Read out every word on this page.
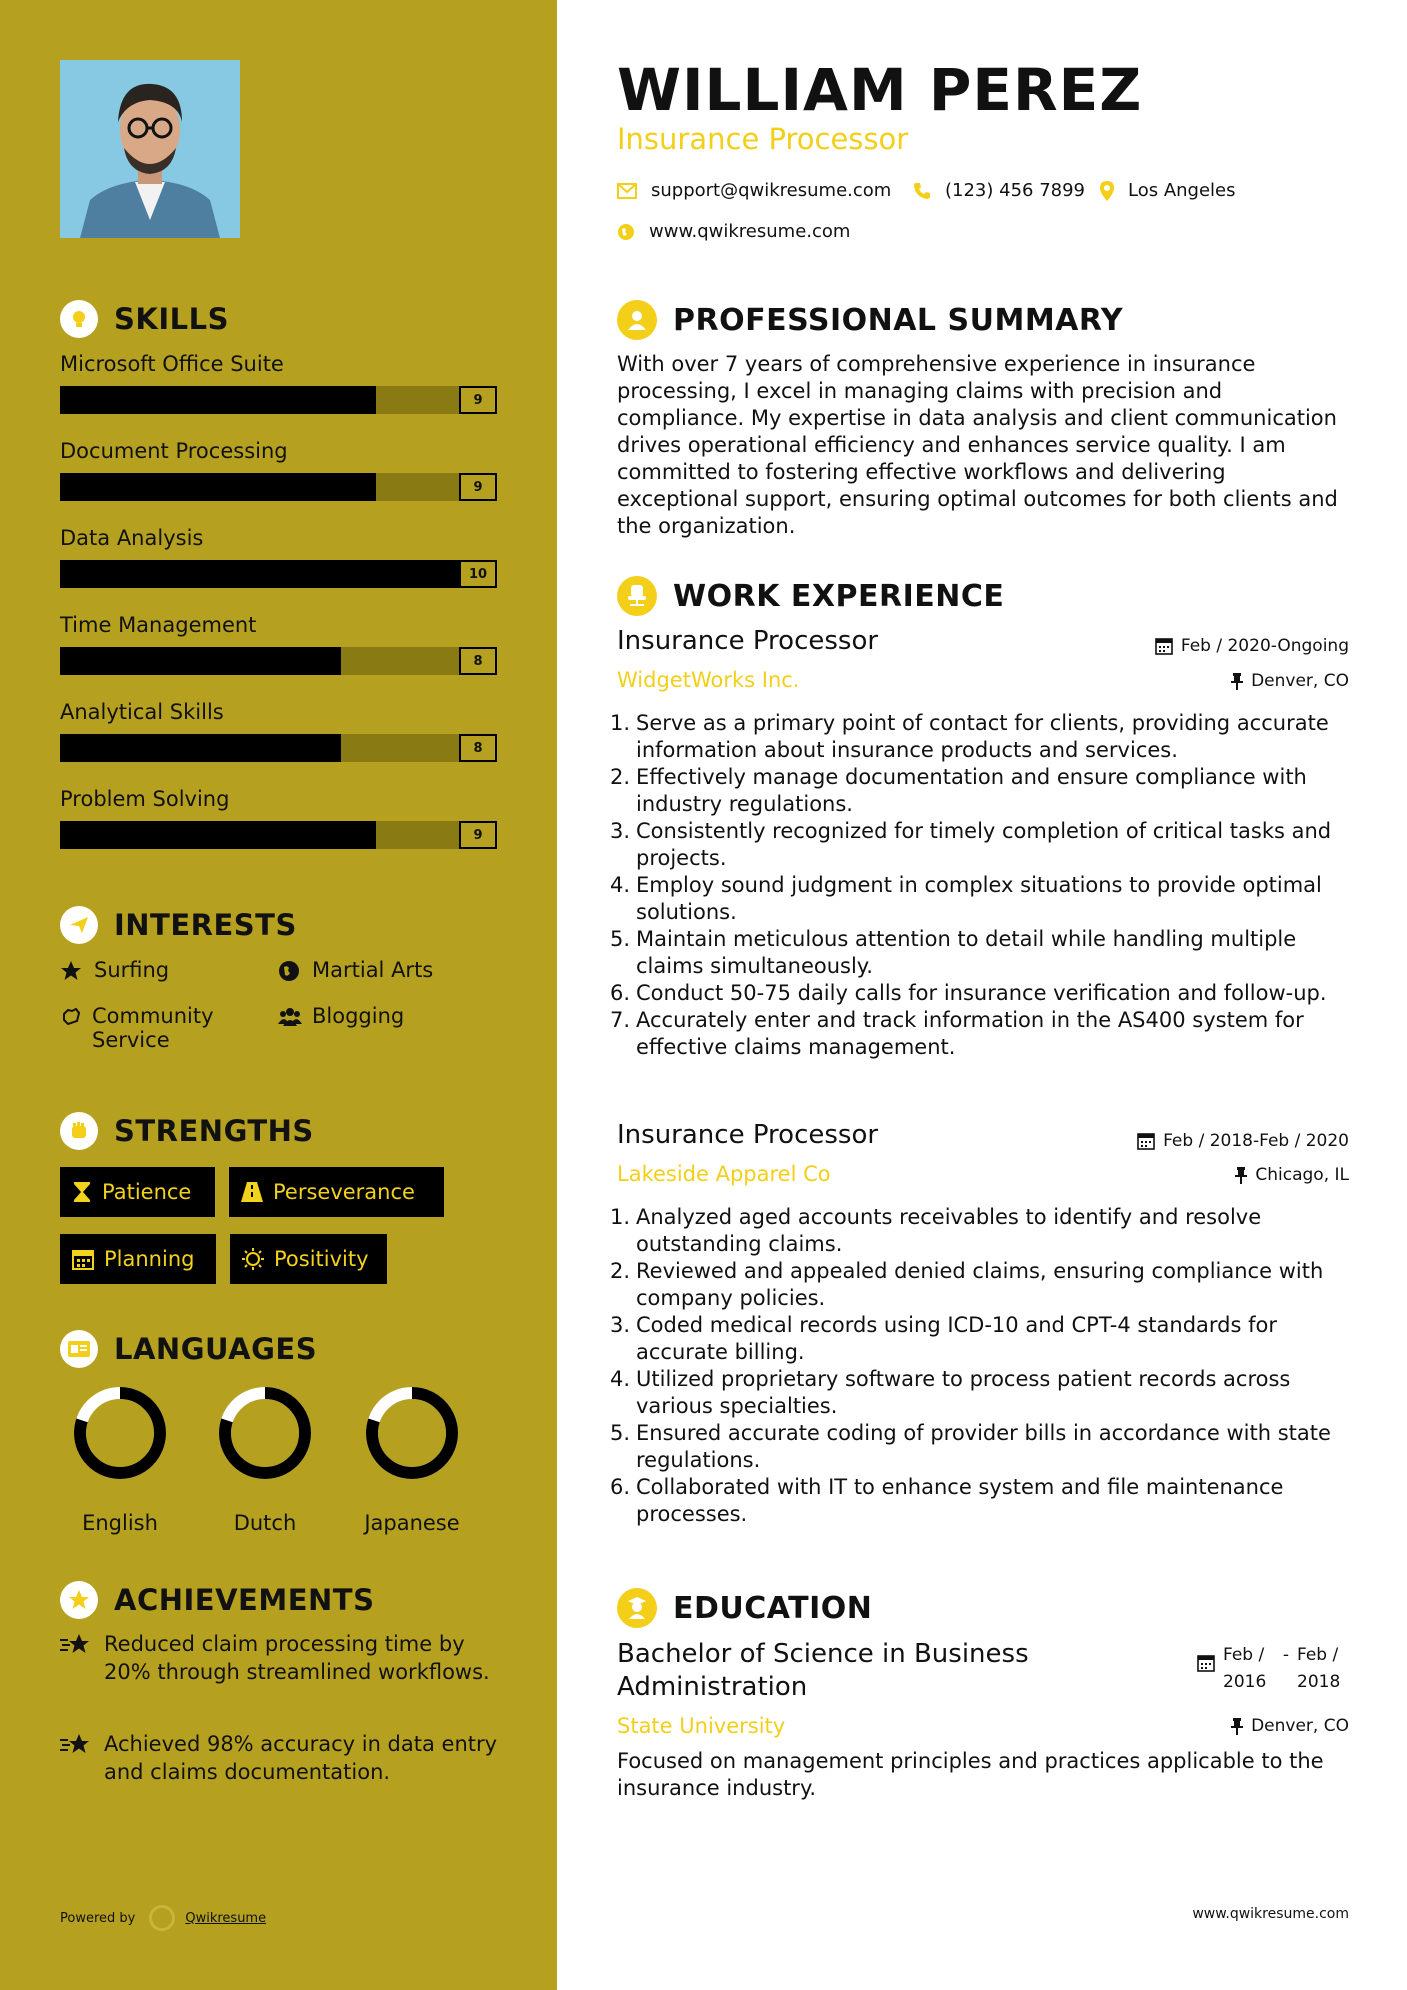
SKILLS
Microsoft Office Suite
9
Document Processing
9
Data Analysis
10
Time Management
8
Analytical Skills
8
Problem Solving
9
INTERESTS
Surfing	Martial Arts
Community Service
Blogging
STRENGTHS
Patience	Perseverance
Planning	Positivity
LANGUAGES
English	Dutch	Japanese
ACHIEVEMENTS
Reduced claim processing time by 20% through streamlined workflows.
Achieved 98% accuracy in data entry and claims documentation.
Powered by	Qwikresume
WILLIAM PEREZ
Insurance Processor
support@qwikresume.com	(123) 456 7899 Los Angeles
www.qwikresume.com
PROFESSIONAL SUMMARY
With over 7 years of comprehensive experience in insurance processing, I excel in managing claims with precision and compliance. My expertise in data analysis and client communication drives operational efficiency and enhances service quality. I am committed to fostering effective workflows and delivering exceptional support, ensuring optimal outcomes for both clients and the organization.
WORK EXPERIENCE
Insurance Processor	Feb / 2020-Ongoing
WidgetWorks Inc.	Denver, CO
1. Serve as a primary point of contact for clients, providing accurate information about insurance products and services.
2. Effectively manage documentation and ensure compliance with industry regulations.
3. Consistently recognized for timely completion of critical tasks and projects.
4. Employ sound judgment in complex situations to provide optimal solutions.
5. Maintain meticulous attention to detail while handling multiple claims simultaneously.
6. Conduct 50-75 daily calls for insurance verification and follow-up.
7. Accurately enter and track information in the AS400 system for effective claims management.
Insurance Processor	Feb / 2018-Feb / 2020
Lakeside Apparel Co	Chicago, IL
1. Analyzed aged accounts receivables to identify and resolve outstanding claims.
2. Reviewed and appealed denied claims, ensuring compliance with company policies.
3. Coded medical records using ICD-10 and CPT-4 standards for accurate billing.
4. Utilized proprietary software to process patient records across various specialties.
5. Ensured accurate coding of provider bills in accordance with state regulations.
6. Collaborated with IT to enhance system and file maintenance processes.
EDUCATION
Bachelor of Science in Business Administration
Feb / 2016
- Feb / 2018
State University	Denver, CO
Focused on management principles and practices applicable to the insurance industry.
www.qwikresume.com
